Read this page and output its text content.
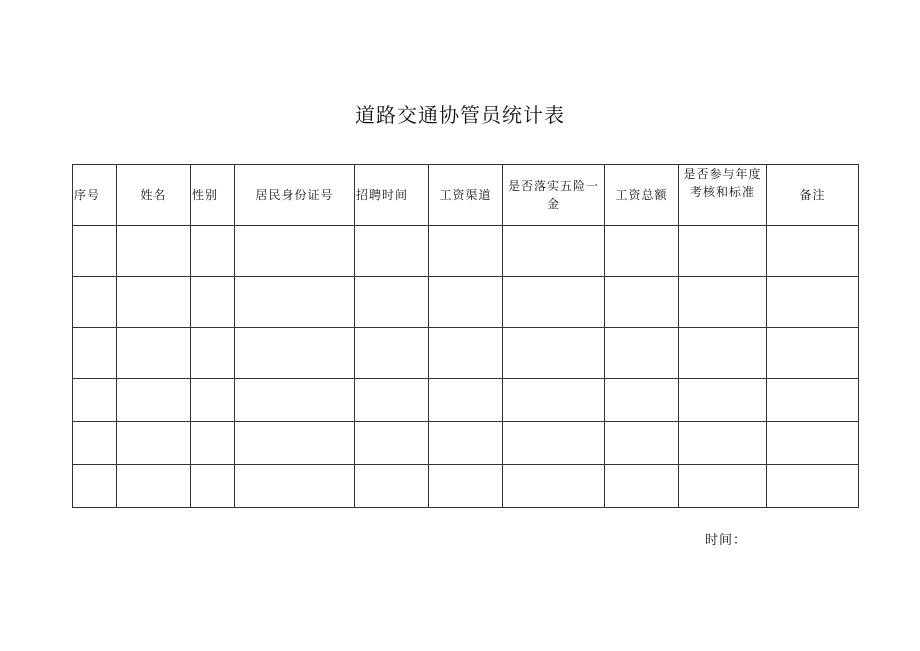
道路交通协管员统计表
序号	姓名	性别	居民身份证号	招聘时间	工资渠道	是否落实五险一金	工资总额	是否参与年度考核和标准	备注

时间：
